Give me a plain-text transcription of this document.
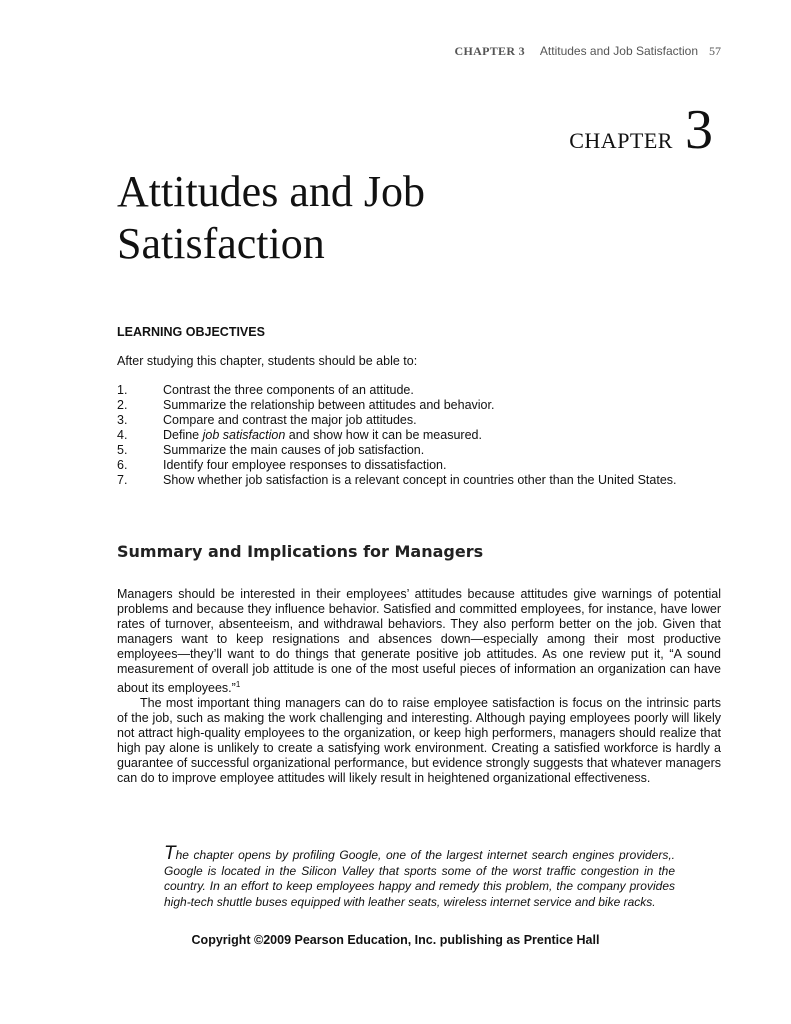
CHAPTER 3 Attitudes and Job Satisfaction 57
CHAPTER 3
Attitudes and Job
Satisfaction
LEARNING OBJECTIVES
After studying this chapter, students should be able to:
1.	Contrast the three components of an attitude.
2.	Summarize the relationship between attitudes and behavior.
3.	Compare and contrast the major job attitudes.
4.	Define job satisfaction and show how it can be measured.
5.	Summarize the main causes of job satisfaction.
6.	Identify four employee responses to dissatisfaction.
7.	Show whether job satisfaction is a relevant concept in countries other than the United States.
Summary and Implications for Managers

Managers should be interested in their employees’ attitudes because attitudes give warnings of potential problems and because they influence behavior. Satisfied and committed employees, for instance, have lower rates of turnover, absenteeism, and withdrawal behaviors. They also perform better on the job. Given that managers want to keep resignations and absences down—especially among their most productive employees—they’ll want to do things that generate positive job attitudes. As one review put it, “A sound measurement of overall job attitude is one of the most useful pieces of information an organization can have about its employees.”$^1$

The most important thing managers can do to raise employee satisfaction is focus on the intrinsic parts of the job, such as making the work challenging and interesting. Although paying employees poorly will likely not attract high-quality employees to the organization, or keep high performers, managers should realize that high pay alone is unlikely to create a satisfying work environment. Creating a satisfied workforce is hardly a guarantee of successful organizational performance, but evidence strongly suggests that whatever managers can do to improve employee attitudes will likely result in heightened organizational effectiveness.

The chapter opens by profiling Google, one of the largest internet search engines providers,. Google is located in the Silicon Valley that sports some of the worst traffic congestion in the country. In an effort to keep employees happy and remedy this problem, the company provides high-tech shuttle buses equipped with leather seats, wireless internet service and bike racks.

Copyright ©2009 Pearson Education, Inc. publishing as Prentice Hall
